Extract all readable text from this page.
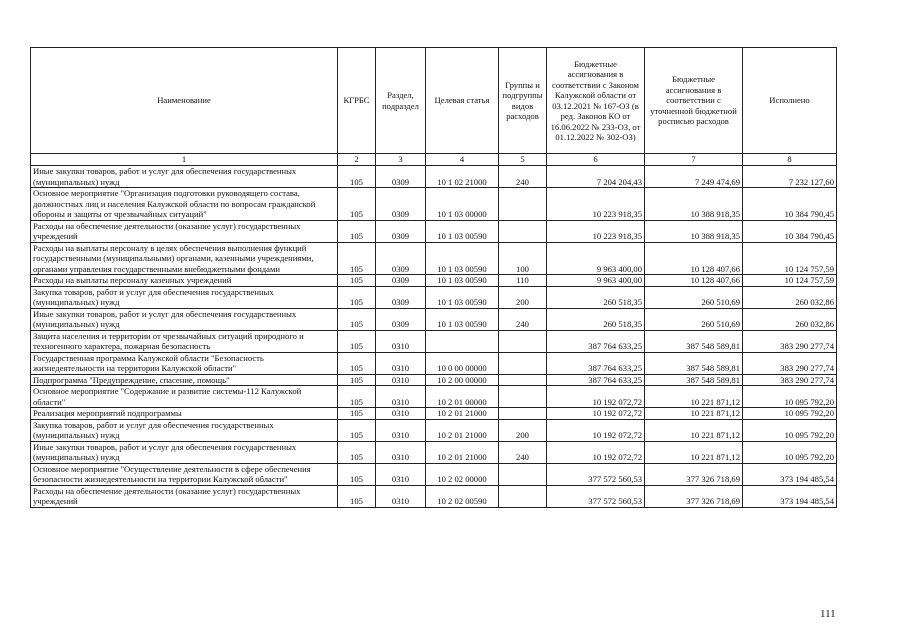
Наименование	КГРБС	Раздел, подраздел	Целевая статья	Группы и подгруппы видов расходов	Бюджетные ассигнования в соответствии с Законом Калужской области от 03.12.2021 № 167-ОЗ (в ред. Законов КО от 16.06.2022 № 233-ОЗ, от 01.12.2022 № 302-ОЗ)	Бюджетные ассигнования в соответствии с уточненной бюджетной росписью расходов	Исполнено
1	2	3	4	5	6	7	8
Иные закупки товаров, работ и услуг для обеспечения государственных (муниципальных) нужд	105	0309	10 1 02 21000	240	7 204 204,43	7 249 474,69	7 232 127,60
Основное мероприятие "Организация подготовки руководящего состава, должностных лиц и населения Калужской области по вопросам гражданской обороны и защиты от чрезвычайных ситуаций"	105	0309	10 1 03 00000		10 223 918,35	10 388 918,35	10 384 790,45
Расходы на обеспечение деятельности (оказание услуг) государственных учреждений	105	0309	10 1 03 00590		10 223 918,35	10 388 918,35	10 384 790,45
Расходы на выплаты персоналу в целях обеспечения выполнения функций государственными (муниципальными) органами, казенными учреждениями, органами управления государственными внебюджетными фондами	105	0309	10 1 03 00590	100	9 963 400,00	10 128 407,66	10 124 757,59
Расходы на выплаты персоналу казенных учреждений	105	0309	10 1 03 00590	110	9 963 400,00	10 128 407,66	10 124 757,59
Закупка товаров, работ и услуг для обеспечения государственных (муниципальных) нужд	105	0309	10 1 03 00590	200	260 518,35	260 510,69	260 032,86
Иные закупки товаров, работ и услуг для обеспечения государственных (муниципальных) нужд	105	0309	10 1 03 00590	240	260 518,35	260 510,69	260 032,86
Защита населения и территории от чрезвычайных ситуаций природного и техногенного характера, пожарная безопасность	105	0310			387 764 633,25	387 548 589,81	383 290 277,74
Государственная программа Калужской области "Безопасность жизнедеятельности на территории Калужской области"	105	0310	10 0 00 00000		387 764 633,25	387 548 589,81	383 290 277,74
Подпрограмма "Предупреждение, спасение, помощь"	105	0310	10 2 00 00000		387 764 633,25	387 548 589,81	383 290 277,74
Основное мероприятие "Содержание и развитие системы-112 Калужской области"	105	0310	10 2 01 00000		10 192 072,72	10 221 871,12	10 095 792,20
Реализация мероприятий подпрограммы	105	0310	10 2 01 21000		10 192 072,72	10 221 871,12	10 095 792,20
Закупка товаров, работ и услуг для обеспечения государственных (муниципальных) нужд	105	0310	10 2 01 21000	200	10 192 072,72	10 221 871,12	10 095 792,20
Иные закупки товаров, работ и услуг для обеспечения государственных (муниципальных) нужд	105	0310	10 2 01 21000	240	10 192 072,72	10 221 871,12	10 095 792,20
Основное мероприятие "Осуществление деятельности в сфере обеспечения безопасности жизнедеятельности на территории Калужской области"	105	0310	10 2 02 00000		377 572 560,53	377 326 718,69	373 194 485,54
Расходы на обеспечение деятельности (оказание услуг) государственных учреждений	105	0310	10 2 02 00590		377 572 560,53	377 326 718,69	373 194 485,54
111
